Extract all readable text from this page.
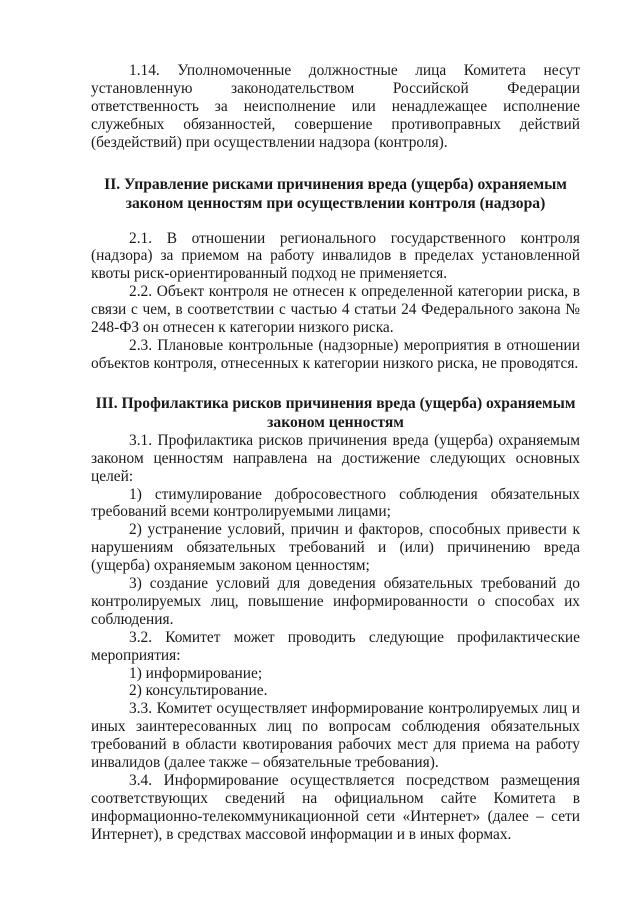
1.14. Уполномоченные должностные лица Комитета несут установленную законодательством Российской Федерации ответственность за неисполнение или ненадлежащее исполнение служебных обязанностей, совершение противоправных действий (бездействий) при осуществлении надзора (контроля).

II. Управление рисками причинения вреда (ущерба) охраняемым законом ценностям при осуществлении контроля (надзора)

2.1. В отношении регионального государственного контроля (надзора) за приемом на работу инвалидов в пределах установленной квоты риск-ориентированный подход не применяется.

2.2. Объект контроля не отнесен к определенной категории риска, в связи с чем, в соответствии с частью 4 статьи 24 Федерального закона № 248-ФЗ он отнесен к категории низкого риска.

2.3. Плановые контрольные (надзорные) мероприятия в отношении объектов контроля, отнесенных к категории низкого риска, не проводятся.

III. Профилактика рисков причинения вреда (ущерба) охраняемым законом ценностям

3.1. Профилактика рисков причинения вреда (ущерба) охраняемым законом ценностям направлена на достижение следующих основных целей:

1) стимулирование добросовестного соблюдения обязательных требований всеми контролируемыми лицами;

2) устранение условий, причин и факторов, способных привести к нарушениям обязательных требований и (или) причинению вреда (ущерба) охраняемым законом ценностям;

3) создание условий для доведения обязательных требований до контролируемых лиц, повышение информированности о способах их соблюдения.

3.2. Комитет может проводить следующие профилактические мероприятия:

1) информирование;

2) консультирование.

3.3. Комитет осуществляет информирование контролируемых лиц и иных заинтересованных лиц по вопросам соблюдения обязательных требований в области квотирования рабочих мест для приема на работу инвалидов (далее также – обязательные требования).

3.4. Информирование осуществляется посредством размещения соответствующих сведений на официальном сайте Комитета в информационно-телекоммуникационной сети «Интернет» (далее – сети Интернет), в средствах массовой информации и в иных формах.
